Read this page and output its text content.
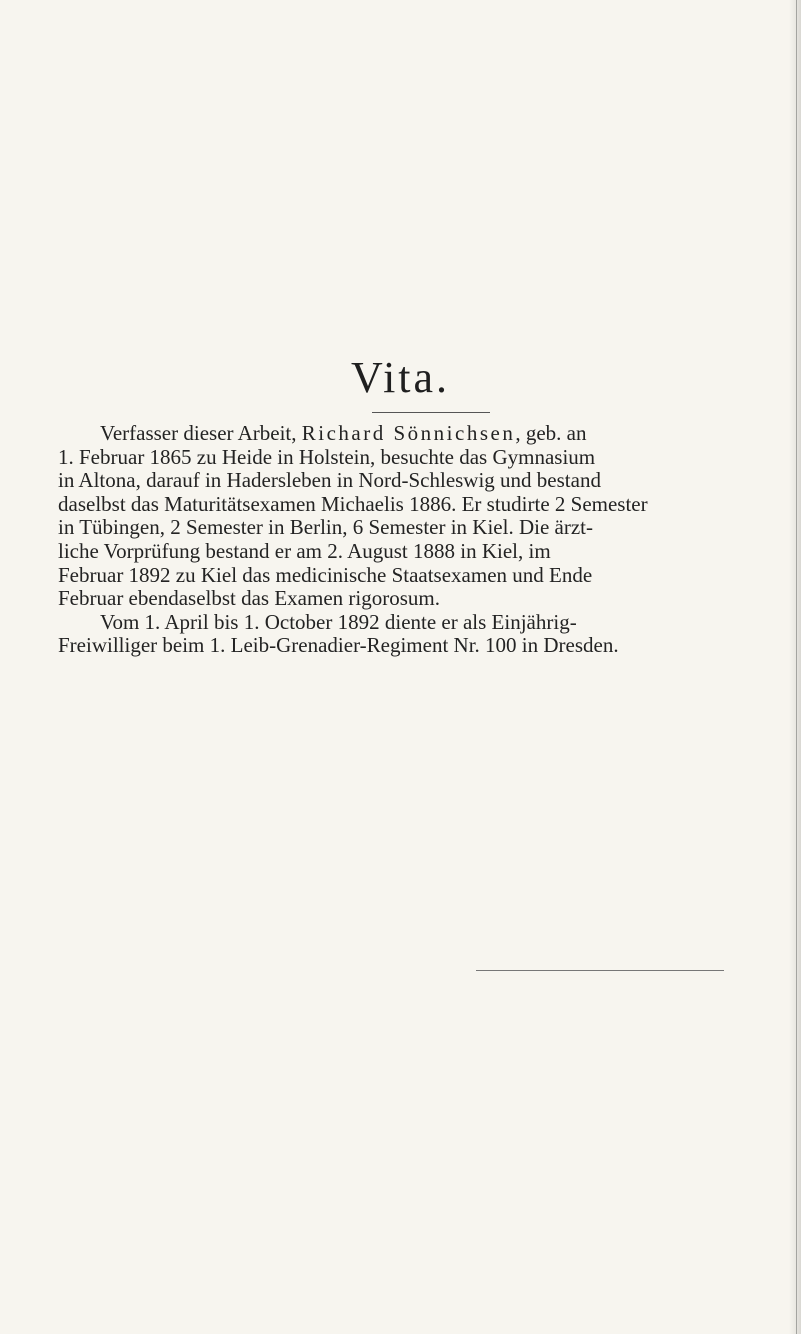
Vita.
Verfasser dieser Arbeit, Richard Sönnichsen, geb. an
1. Februar 1865 zu Heide in Holstein, besuchte das Gymnasium
in Altona, darauf in Hadersleben in Nord-Schleswig und bestand
daselbst das Maturitätsexamen Michaelis 1886. Er studirte 2 Semester
in Tübingen, 2 Semester in Berlin, 6 Semester in Kiel. Die ärzt-
liche Vorprüfung bestand er am 2. August 1888 in Kiel, im
Februar 1892 zu Kiel das medicinische Staatsexamen und Ende
Februar ebendaselbst das Examen rigorosum.
Vom 1. April bis 1. October 1892 diente er als Einjährig-
Freiwilliger beim 1. Leib-Grenadier-Regiment Nr. 100 in Dresden.
